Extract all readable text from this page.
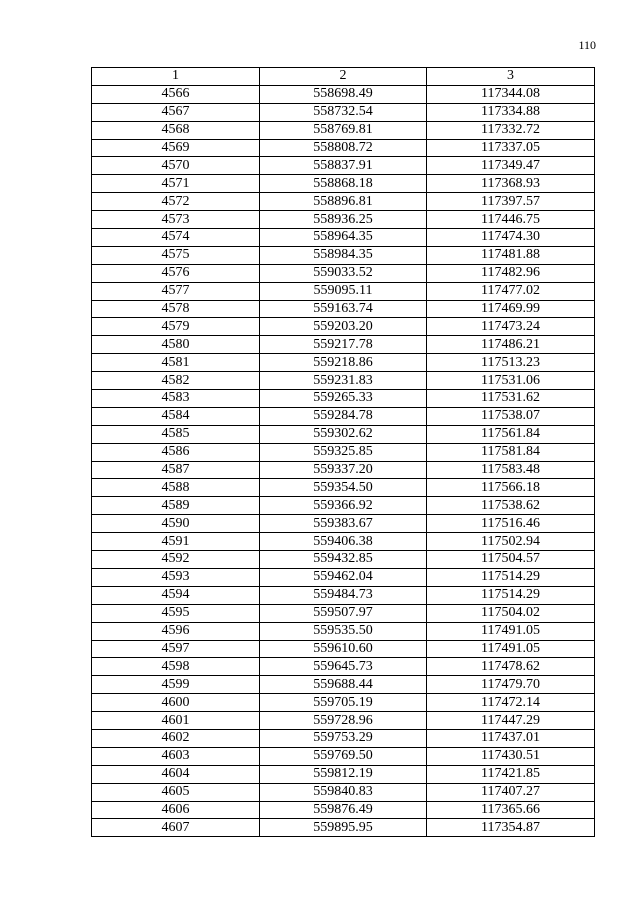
110
1	2	3
4566	558698.49	117344.08
4567	558732.54	117334.88
4568	558769.81	117332.72
4569	558808.72	117337.05
4570	558837.91	117349.47
4571	558868.18	117368.93
4572	558896.81	117397.57
4573	558936.25	117446.75
4574	558964.35	117474.30
4575	558984.35	117481.88
4576	559033.52	117482.96
4577	559095.11	117477.02
4578	559163.74	117469.99
4579	559203.20	117473.24
4580	559217.78	117486.21
4581	559218.86	117513.23
4582	559231.83	117531.06
4583	559265.33	117531.62
4584	559284.78	117538.07
4585	559302.62	117561.84
4586	559325.85	117581.84
4587	559337.20	117583.48
4588	559354.50	117566.18
4589	559366.92	117538.62
4590	559383.67	117516.46
4591	559406.38	117502.94
4592	559432.85	117504.57
4593	559462.04	117514.29
4594	559484.73	117514.29
4595	559507.97	117504.02
4596	559535.50	117491.05
4597	559610.60	117491.05
4598	559645.73	117478.62
4599	559688.44	117479.70
4600	559705.19	117472.14
4601	559728.96	117447.29
4602	559753.29	117437.01
4603	559769.50	117430.51
4604	559812.19	117421.85
4605	559840.83	117407.27
4606	559876.49	117365.66
4607	559895.95	117354.87
